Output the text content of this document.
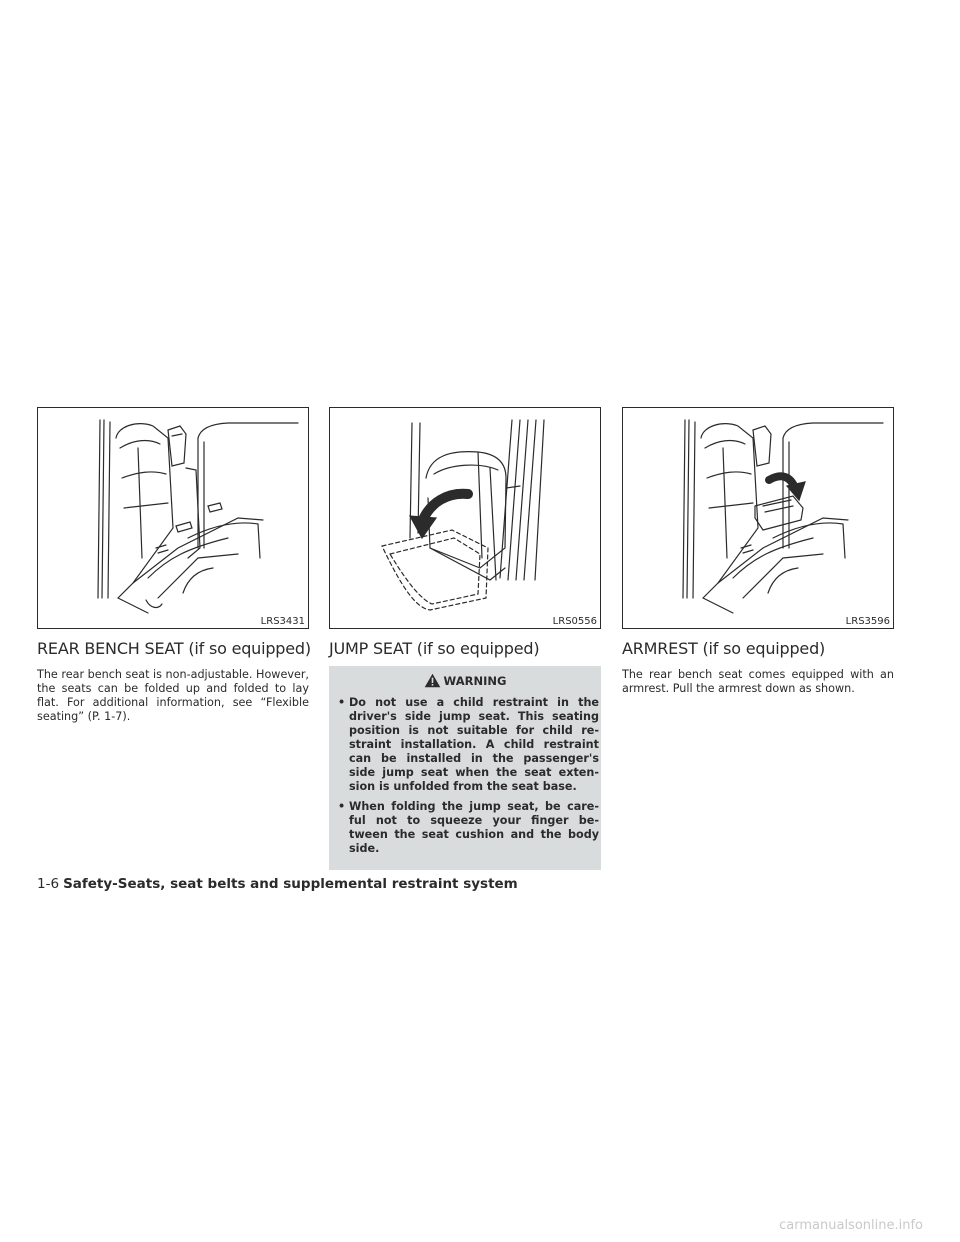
LRS3431
REAR BENCH SEAT (if so equipped)

The rear bench seat is non-adjustable. However, the seats can be folded up and folded to lay flat. For additional information, see “Flexible seating” (P. 1-7).

LRS0556
JUMP SEAT (if so equipped)
WARNING
• Do not use a child restraint in the driver's side jump seat. This seating position is not suitable for child re-straint installation. A child restraint can be installed in the passenger's side jump seat when the seat exten-sion is unfolded from the seat base.
• When folding the jump seat, be care-ful not to squeeze your finger be-tween the seat cushion and the body side.
LRS3596
ARMREST (if so equipped)

The rear bench seat comes equipped with an armrest. Pull the armrest down as shown.

1-6 Safety-Seats, seat belts and supplemental restraint system
carmanualsonline.info
